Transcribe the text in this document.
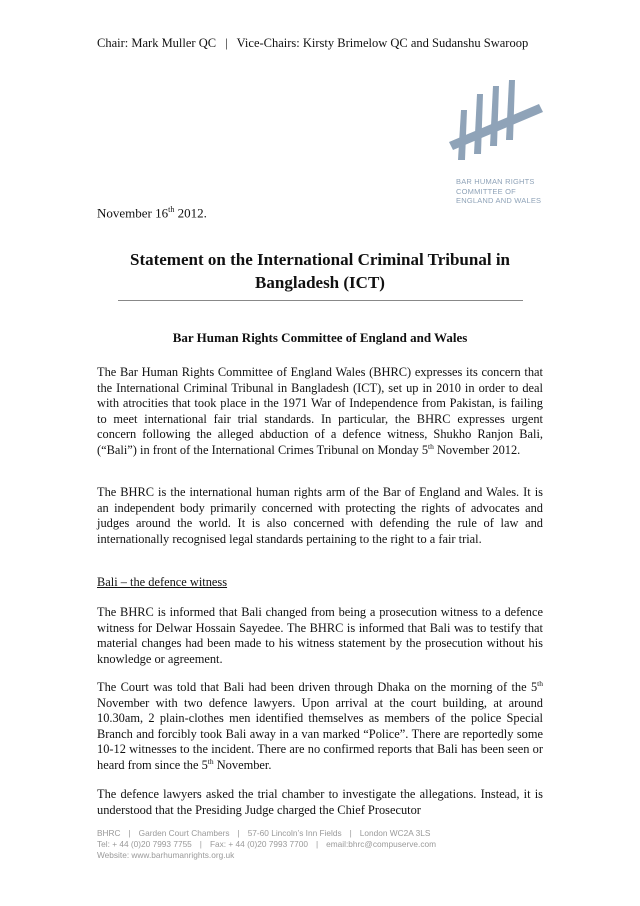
Chair: Mark Muller QC | Vice-Chairs: Kirsty Brimelow QC and Sudanshu Swaroop
BAR HUMAN RIGHTS
COMMITTEE OF
ENGLAND AND WALES
November 16th 2012.
Statement on the International Criminal Tribunal in Bangladesh (ICT)
Bar Human Rights Committee of England and Wales

The Bar Human Rights Committee of England Wales (BHRC) expresses its concern that the International Criminal Tribunal in Bangladesh (ICT), set up in 2010 in order to deal with atrocities that took place in the 1971 War of Independence from Pakistan, is failing to meet international fair trial standards. In particular, the BHRC expresses urgent concern following the alleged abduction of a defence witness, Shukho Ranjon Bali, (“Bali”) in front of the International Crimes Tribunal on Monday 5th November 2012.

The BHRC is the international human rights arm of the Bar of England and Wales. It is an independent body primarily concerned with protecting the rights of advocates and judges around the world. It is also concerned with defending the rule of law and internationally recognised legal standards pertaining to the right to a fair trial.

Bali – the defence witness

The BHRC is informed that Bali changed from being a prosecution witness to a defence witness for Delwar Hossain Sayedee. The BHRC is informed that Bali was to testify that material changes had been made to his witness statement by the prosecution without his knowledge or agreement.

The Court was told that Bali had been driven through Dhaka on the morning of the 5th November with two defence lawyers. Upon arrival at the court building, at around 10.30am, 2 plain-clothes men identified themselves as members of the police Special Branch and forcibly took Bali away in a van marked “Police”. There are reportedly some 10-12 witnesses to the incident. There are no confirmed reports that Bali has been seen or heard from since the 5th November.

The defence lawyers asked the trial chamber to investigate the allegations. Instead, it is understood that the Presiding Judge charged the Chief Prosecutor

BHRC | Garden Court Chambers | 57-60 Lincoln’s Inn Fields | London WC2A 3LS
Tel: + 44 (0)20 7993 7755 | Fax: + 44 (0)20 7993 7700 | email:bhrc@compuserve.com
Website: www.barhumanrights.org.uk
